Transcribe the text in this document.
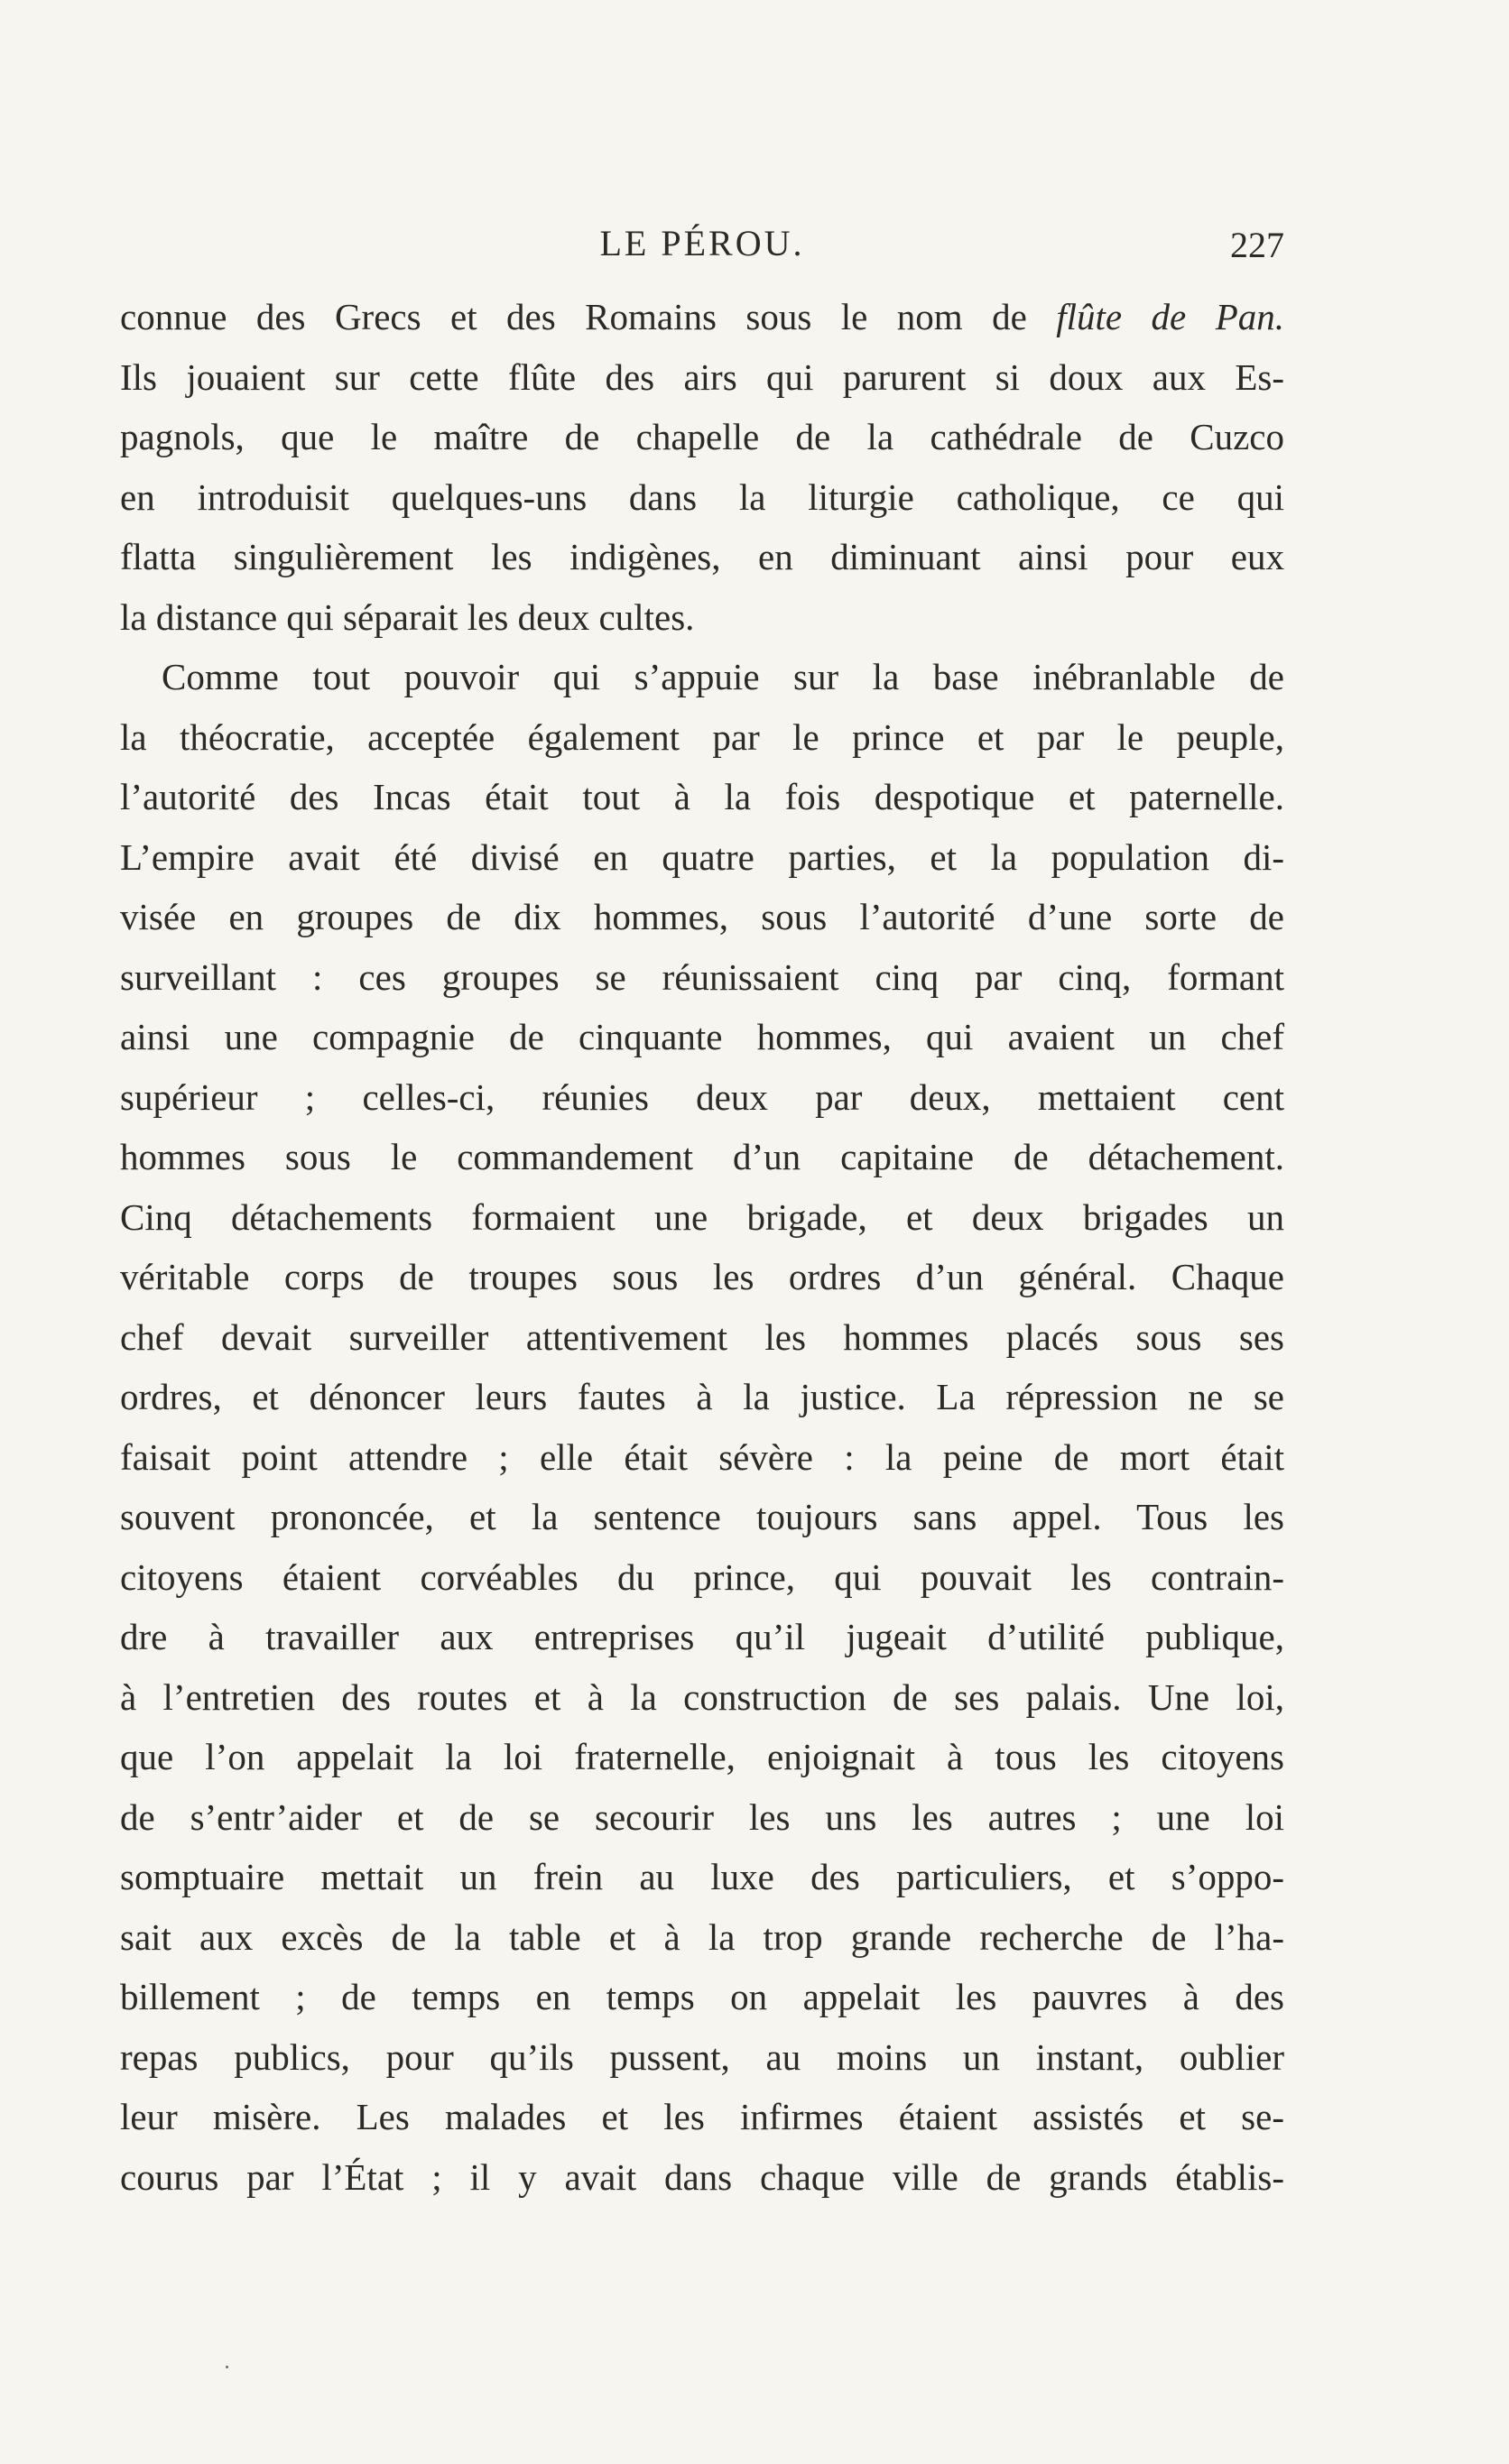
LE PÉROU.	227
connue des Grecs et des Romains sous le nom de flûte de Pan.
Ils jouaient sur cette flûte des airs qui parurent si doux aux Es-
pagnols, que le maître de chapelle de la cathédrale de Cuzco
en introduisit quelques-uns dans la liturgie catholique, ce qui
flatta singulièrement les indigènes, en diminuant ainsi pour eux
la distance qui séparait les deux cultes.
Comme tout pouvoir qui s’appuie sur la base inébranlable de
la théocratie, acceptée également par le prince et par le peuple,
l’autorité des Incas était tout à la fois despotique et paternelle.
L’empire avait été divisé en quatre parties, et la population di-
visée en groupes de dix hommes, sous l’autorité d’une sorte de
surveillant : ces groupes se réunissaient cinq par cinq, formant
ainsi une compagnie de cinquante hommes, qui avaient un chef
supérieur ; celles-ci, réunies deux par deux, mettaient cent
hommes sous le commandement d’un capitaine de détachement.
Cinq détachements formaient une brigade, et deux brigades un
véritable corps de troupes sous les ordres d’un général. Chaque
chef devait surveiller attentivement les hommes placés sous ses
ordres, et dénoncer leurs fautes à la justice. La répression ne se
faisait point attendre ; elle était sévère : la peine de mort était
souvent prononcée, et la sentence toujours sans appel. Tous les
citoyens étaient corvéables du prince, qui pouvait les contrain-
dre à travailler aux entreprises qu’il jugeait d’utilité publique,
à l’entretien des routes et à la construction de ses palais. Une loi,
que l’on appelait la loi fraternelle, enjoignait à tous les citoyens
de s’entr’aider et de se secourir les uns les autres ; une loi
somptuaire mettait un frein au luxe des particuliers, et s’oppo-
sait aux excès de la table et à la trop grande recherche de l’ha-
billement ; de temps en temps on appelait les pauvres à des
repas publics, pour qu’ils pussent, au moins un instant, oublier
leur misère. Les malades et les infirmes étaient assistés et se-
courus par l’État ; il y avait dans chaque ville de grands établis-
